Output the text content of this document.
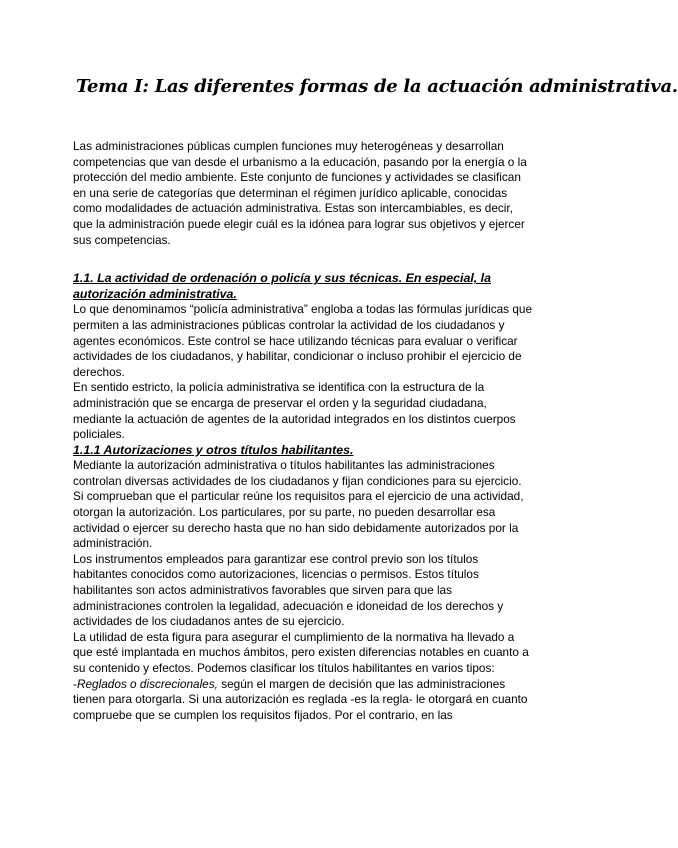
Tema I: Las diferentes formas de la actuación administrativa.

Las administraciones públicas cumplen funciones muy heterogéneas y desarrollan competencias que van desde el urbanismo a la educación, pasando por la energía o la protección del medio ambiente. Este conjunto de funciones y actividades se clasifican en una serie de categorías que determinan el régimen jurídico aplicable, conocidas como modalidades de actuación administrativa. Estas son intercambiables, es decir, que la administración puede elegir cuál es la idónea para lograr sus objetivos y ejercer sus competencias.

1.1. La actividad de ordenación o policía y sus técnicas. En especial, la autorización administrativa.

Lo que denominamos “policía administrativa” engloba a todas las fórmulas jurídicas que permiten a las administraciones públicas controlar la actividad de los ciudadanos y agentes económicos. Este control se hace utilizando técnicas para evaluar o verificar actividades de los ciudadanos, y habilitar, condicionar o incluso prohibir el ejercicio de derechos.

En sentido estricto, la policía administrativa se identifica con la estructura de la administración que se encarga de preservar el orden y la seguridad ciudadana, mediante la actuación de agentes de la autoridad integrados en los distintos cuerpos policiales.

1.1.1 Autorizaciones y otros títulos habilitantes.

Mediante la autorización administrativa o títulos habilitantes las administraciones controlan diversas actividades de los ciudadanos y fijan condiciones para su ejercicio. Si comprueban que el particular reúne los requisitos para el ejercicio de una actividad, otorgan la autorización. Los particulares, por su parte, no pueden desarrollar esa actividad o ejercer su derecho hasta que no han sido debidamente autorizados por la administración.

Los instrumentos empleados para garantizar ese control previo son los títulos habitantes conocidos como autorizaciones, licencias o permisos. Estos títulos habilitantes son actos administrativos favorables que sirven para que las administraciones controlen la legalidad, adecuación e idoneidad de los derechos y actividades de los ciudadanos antes de su ejercicio.

La utilidad de esta figura para asegurar el cumplimiento de la normativa ha llevado a que esté implantada en muchos ámbitos, pero existen diferencias notables en cuanto a su contenido y efectos. Podemos clasificar los títulos habilitantes en varios tipos:

-Reglados o discrecionales, según el margen de decisión que las administraciones tienen para otorgarla. Si una autorización es reglada -es la regla- le otorgará en cuanto compruebe que se cumplen los requisitos fijados. Por el contrario, en las
